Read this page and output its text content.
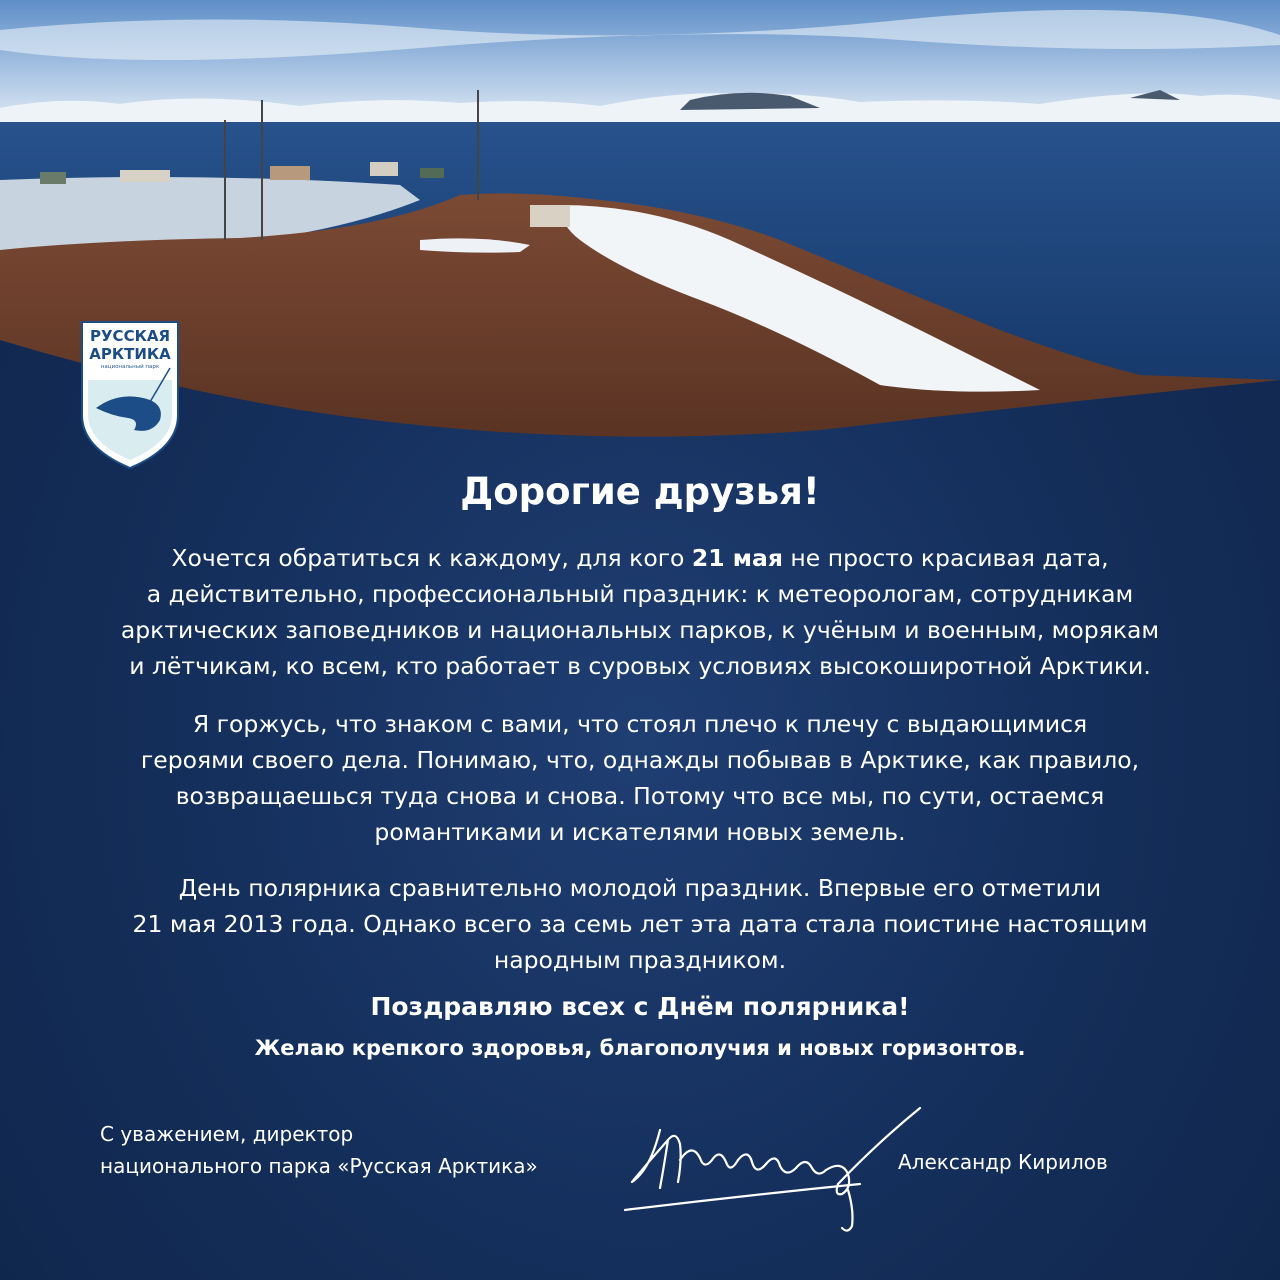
РУССКАЯ
АРКТИКА
национальный парк
Дорогие друзья!

Хочется обратиться к каждому, для кого 21 мая не просто красивая дата,
а действительно, профессиональный праздник: к метеорологам, сотрудникам
арктических заповедников и национальных парков, к учёным и военным, морякам
и лётчикам, ко всем, кто работает в суровых условиях высокоширотной Арктики.

Я горжусь, что знаком с вами, что стоял плечо к плечу с выдающимися
героями своего дела. Понимаю, что, однажды побывав в Арктике, как правило,
возвращаешься туда снова и снова. Потому что все мы, по сути, остаемся
романтиками и искателями новых земель.

День полярника сравнительно молодой праздник. Впервые его отметили
21 мая 2013 года. Однако всего за семь лет эта дата стала поистине настоящим
народным праздником.

Поздравляю всех с Днём полярника!

Желаю крепкого здоровья, благополучия и новых горизонтов.

С уважением, директор
национального парка «Русская Арктика»	Александр Кирилов
